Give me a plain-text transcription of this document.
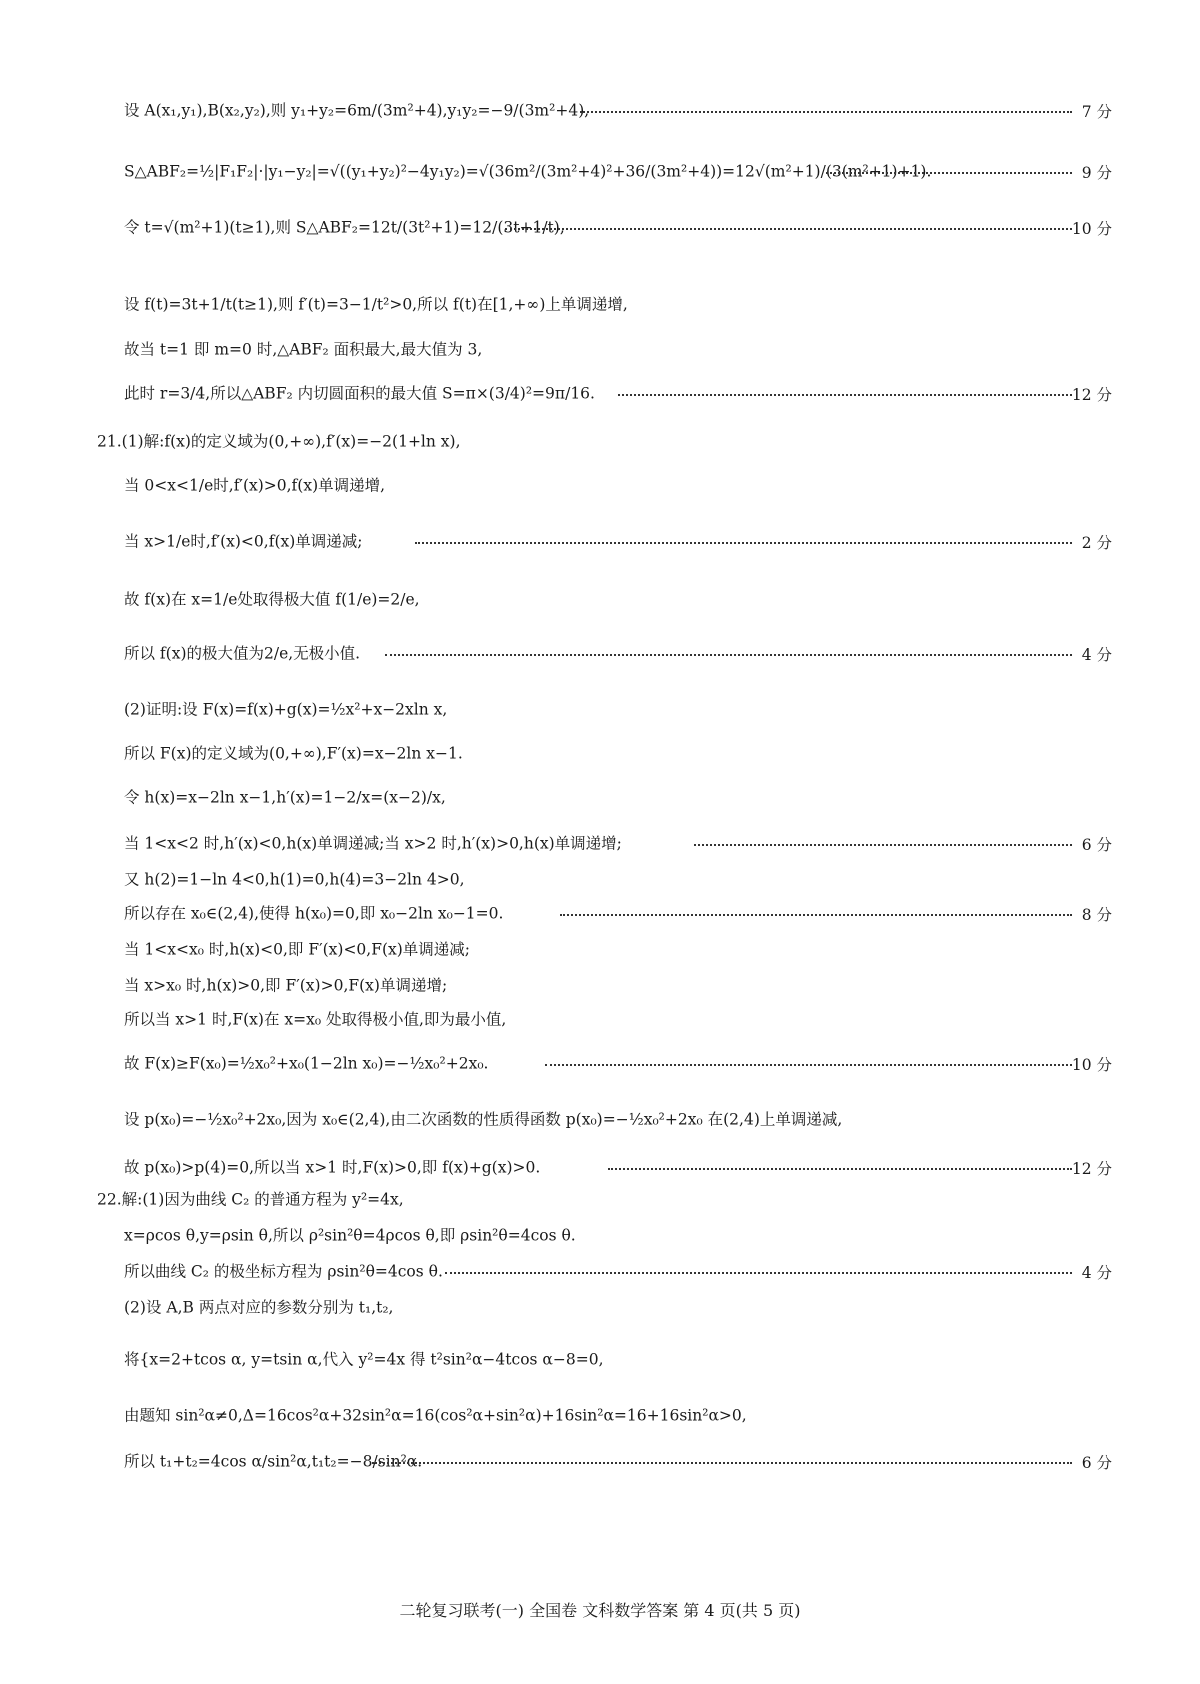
设 A(x₁,y₁),B(x₂,y₂),则 y₁+y₂=6m/(3m²+4),y₁y₂=−9/(3m²+4),	7 分
S△ABF₂=½|F₁F₂|·|y₁−y₂|=√((y₁+y₂)²−4y₁y₂)=√(36m²/(3m²+4)²+36/(3m²+4))=12√(m²+1)/(3(m²+1)+1).	9 分
令 t=√(m²+1)(t≥1),则 S△ABF₂=12t/(3t²+1)=12/(3t+1/t),	10 分
设 f(t)=3t+1/t(t≥1),则 f′(t)=3−1/t²>0,所以 f(t)在[1,+∞)上单调递增,
故当 t=1 即 m=0 时,△ABF₂ 面积最大,最大值为 3,
此时 r=3/4,所以△ABF₂ 内切圆面积的最大值 S=π×(3/4)²=9π/16.	12 分
21.(1)解:f(x)的定义域为(0,+∞),f′(x)=−2(1+ln x),
当 0<x<1/e时,f′(x)>0,f(x)单调递增,
当 x>1/e时,f′(x)<0,f(x)单调递减;	2 分
故 f(x)在 x=1/e处取得极大值 f(1/e)=2/e,
所以 f(x)的极大值为2/e,无极小值.	4 分
(2)证明:设 F(x)=f(x)+g(x)=½x²+x−2xln x,
所以 F(x)的定义域为(0,+∞),F′(x)=x−2ln x−1.
令 h(x)=x−2ln x−1,h′(x)=1−2/x=(x−2)/x,
当 1<x<2 时,h′(x)<0,h(x)单调递减;当 x>2 时,h′(x)>0,h(x)单调递增;	6 分
又 h(2)=1−ln 4<0,h(1)=0,h(4)=3−2ln 4>0,
所以存在 x₀∈(2,4),使得 h(x₀)=0,即 x₀−2ln x₀−1=0.	8 分
当 1<x<x₀ 时,h(x)<0,即 F′(x)<0,F(x)单调递减;
当 x>x₀ 时,h(x)>0,即 F′(x)>0,F(x)单调递增;
所以当 x>1 时,F(x)在 x=x₀ 处取得极小值,即为最小值,
故 F(x)≥F(x₀)=½x₀²+x₀(1−2ln x₀)=−½x₀²+2x₀.	10 分
设 p(x₀)=−½x₀²+2x₀,因为 x₀∈(2,4),由二次函数的性质得函数 p(x₀)=−½x₀²+2x₀ 在(2,4)上单调递减,
故 p(x₀)>p(4)=0,所以当 x>1 时,F(x)>0,即 f(x)+g(x)>0.	12 分
22.解:(1)因为曲线 C₂ 的普通方程为 y²=4x,
x=ρcos θ,y=ρsin θ,所以 ρ²sin²θ=4ρcos θ,即 ρsin²θ=4cos θ.
所以曲线 C₂ 的极坐标方程为 ρsin²θ=4cos θ.	4 分
(2)设 A,B 两点对应的参数分别为 t₁,t₂,
将{x=2+tcos α, y=tsin α,代入 y²=4x 得 t²sin²α−4tcos α−8=0,
由题知 sin²α≠0,Δ=16cos²α+32sin²α=16(cos²α+sin²α)+16sin²α=16+16sin²α>0,
所以 t₁+t₂=4cos α/sin²α,t₁t₂=−8/sin²α.	6 分
二轮复习联考(一) 全国卷 文科数学答案 第 4 页(共 5 页)
